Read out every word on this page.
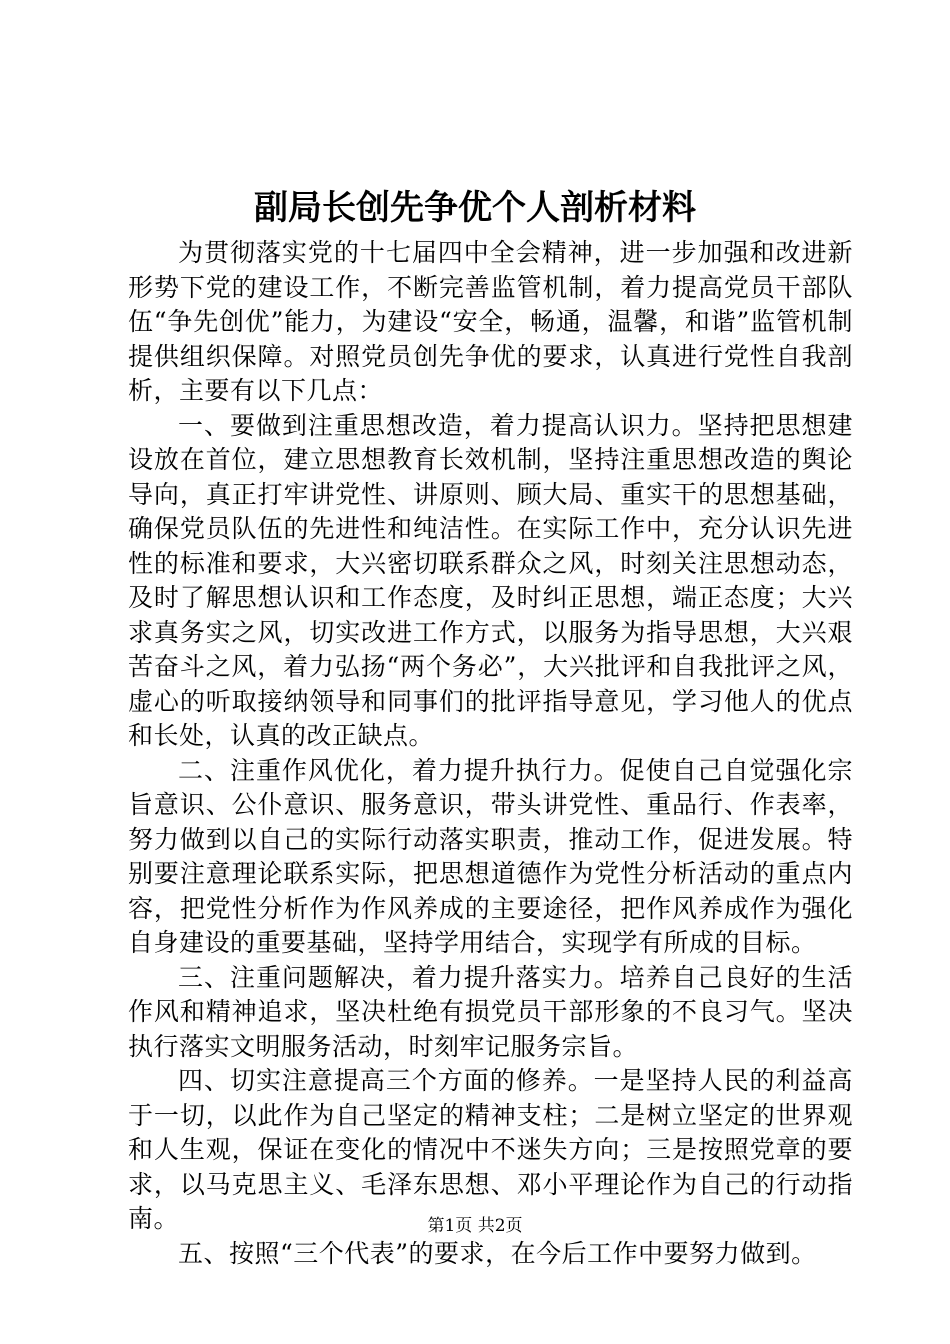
副局长创先争优个人剖析材料

为贯彻落实党的十七届四中全会精神，进一步加强和改进新形势下党的建设工作，不断完善监管机制，着力提高党员干部队伍“争先创优”能力，为建设“安全，畅通，温馨，和谐”监管机制提供组织保障。对照党员创先争优的要求，认真进行党性自我剖析，主要有以下几点：

一、要做到注重思想改造，着力提高认识力。坚持把思想建设放在首位，建立思想教育长效机制，坚持注重思想改造的舆论导向，真正打牢讲党性、讲原则、顾大局、重实干的思想基础，确保党员队伍的先进性和纯洁性。在实际工作中，充分认识先进性的标准和要求，大兴密切联系群众之风，时刻关注思想动态，及时了解思想认识和工作态度，及时纠正思想，端正态度；大兴求真务实之风，切实改进工作方式，以服务为指导思想，大兴艰苦奋斗之风，着力弘扬“两个务必”，大兴批评和自我批评之风，虚心的听取接纳领导和同事们的批评指导意见，学习他人的优点和长处，认真的改正缺点。

二、注重作风优化，着力提升执行力。促使自己自觉强化宗旨意识、公仆意识、服务意识，带头讲党性、重品行、作表率，努力做到以自己的实际行动落实职责，推动工作，促进发展。特别要注意理论联系实际，把思想道德作为党性分析活动的重点内容，把党性分析作为作风养成的主要途径，把作风养成作为强化自身建设的重要基础，坚持学用结合，实现学有所成的目标。

三、注重问题解决，着力提升落实力。培养自己良好的生活作风和精神追求，坚决杜绝有损党员干部形象的不良习气。坚决执行落实文明服务活动，时刻牢记服务宗旨。

四、切实注意提高三个方面的修养。一是坚持人民的利益高于一切，以此作为自己坚定的精神支柱；二是树立坚定的世界观和人生观，保证在变化的情况中不迷失方向；三是按照党章的要求，以马克思主义、毛泽东思想、邓小平理论作为自己的行动指南。

五、按照“三个代表”的要求，在今后工作中要努力做到。

第1页 共2页
